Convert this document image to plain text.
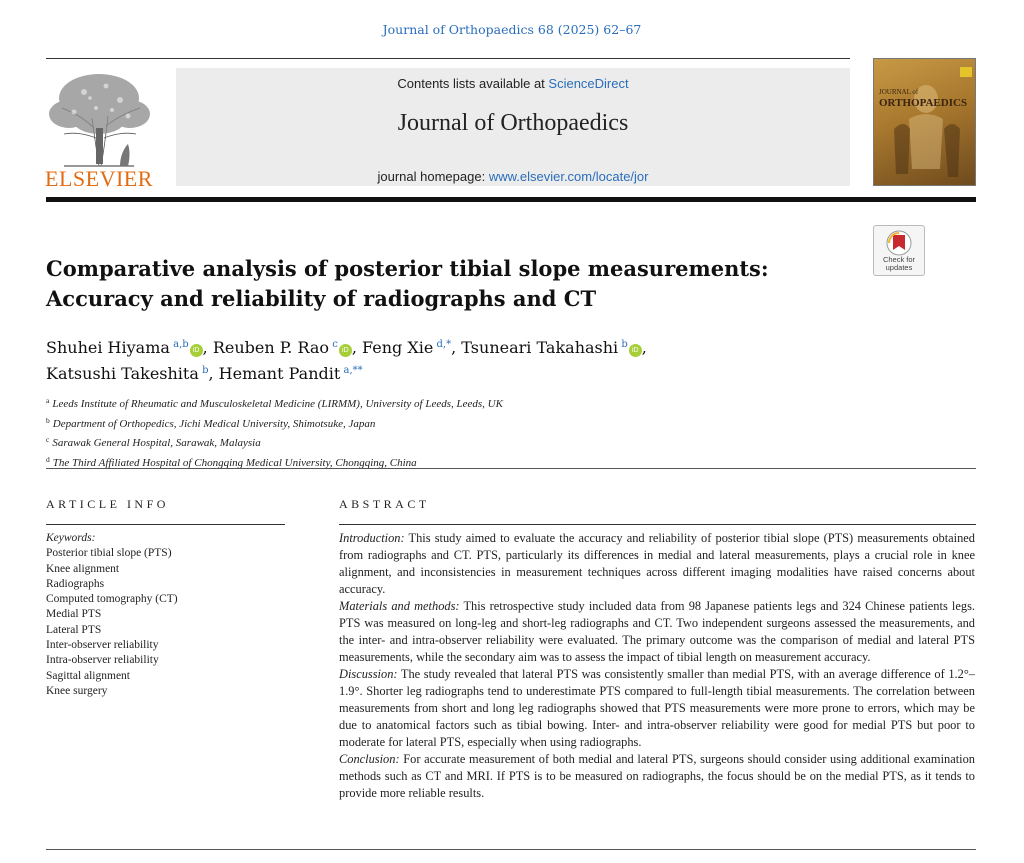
Journal of Orthopaedics 68 (2025) 62–67
ELSEVIER
Contents lists available at ScienceDirect
Journal of Orthopaedics
journal homepage: www.elsevier.com/locate/jor
JOURNAL of
ORTHOPAEDICS
Comparative analysis of posterior tibial slope measurements: Accuracy and reliability of radiographs and CT
Check for
updates
Shuhei Hiyama  $^{a,b}$iD , Reuben P. Rao  $^c$iD , Feng Xie  $^{d,*}$, Tsuneari Takahashi  $^b$iD ,
Katsushi Takeshita  $^b$, Hemant Pandit  $^{a,**}$
$^a$ Leeds Institute of Rheumatic and Musculoskeletal Medicine (LIRMM), University of Leeds, Leeds, UK
$^b$ Department of Orthopedics, Jichi Medical University, Shimotsuke, Japan
$^c$ Sarawak General Hospital, Sarawak, Malaysia
$^d$ The Third Affiliated Hospital of Chongqing Medical University, Chongqing, China
ARTICLE INFO
Keywords:
Posterior tibial slope (PTS)
Knee alignment
Radiographs
Computed tomography (CT)
Medial PTS
Lateral PTS
Inter-observer reliability
Intra-observer reliability
Sagittal alignment
Knee surgery
ABSTRACT

Introduction: This study aimed to evaluate the accuracy and reliability of posterior tibial slope (PTS) measurements obtained from radiographs and CT. PTS, particularly its differences in medial and lateral measurements, plays a crucial role in knee alignment, and inconsistencies in measurement techniques across different imaging modalities have raised concerns about accuracy.

Materials and methods: This retrospective study included data from 98 Japanese patients legs and 324 Chinese patients legs. PTS was measured on long-leg and short-leg radiographs and CT. Two independent surgeons assessed the measurements, and the inter- and intra-observer reliability were evaluated. The primary outcome was the comparison of medial and lateral PTS measurements, while the secondary aim was to assess the impact of tibial length on measurement accuracy.

Discussion: The study revealed that lateral PTS was consistently smaller than medial PTS, with an average difference of 1.2°–1.9°. Shorter leg radiographs tend to underestimate PTS compared to full-length tibial measurements. The correlation between measurements from short and long leg radiographs showed that PTS measurements were more prone to errors, which may be due to anatomical factors such as tibial bowing. Inter- and intra-observer reliability were good for medial PTS but poor to moderate for lateral PTS, especially when using radiographs.

Conclusion: For accurate measurement of both medial and lateral PTS, surgeons should consider using additional examination methods such as CT and MRI. If PTS is to be measured on radiographs, the focus should be on the medial PTS, as it tends to provide more reliable results.
